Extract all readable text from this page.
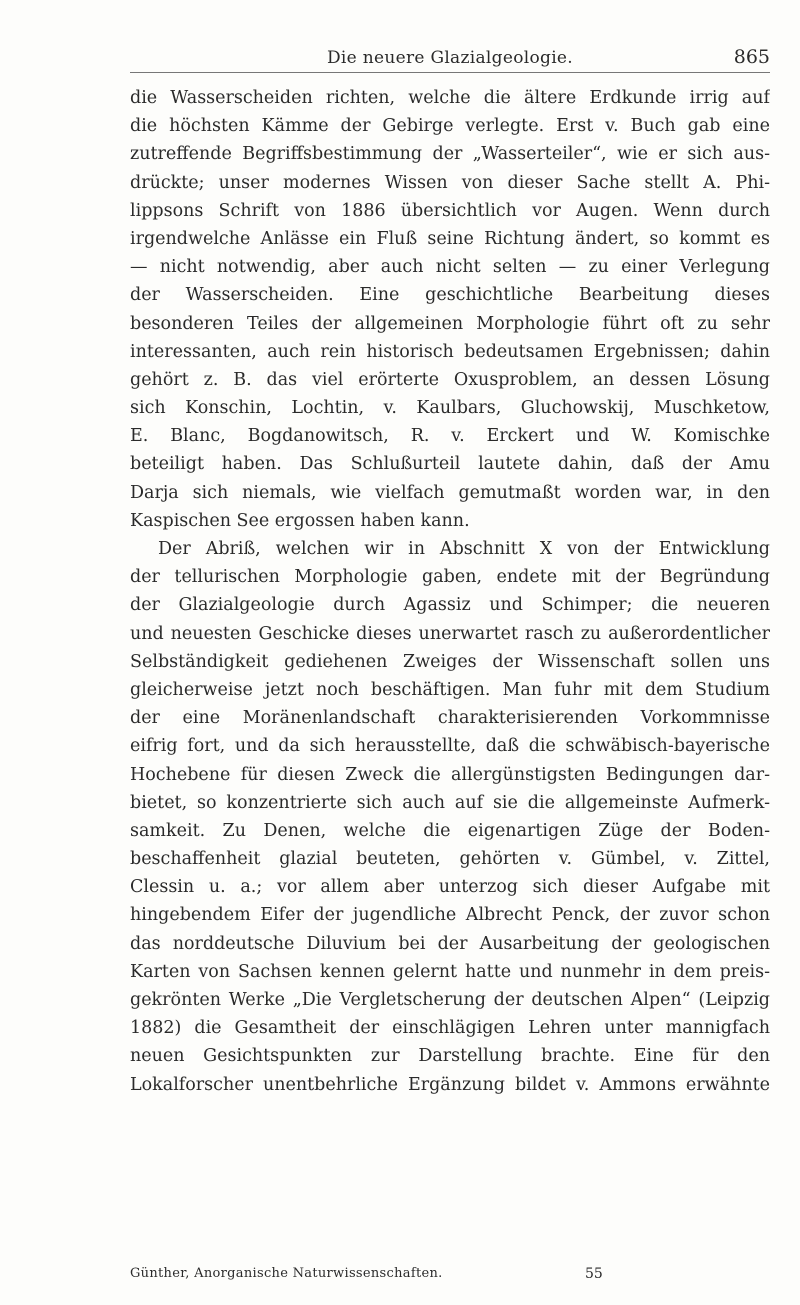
Die neuere Glazialgeologie.	865
die Wasserscheiden richten, welche die ältere Erdkunde irrig auf
die höchsten Kämme der Gebirge verlegte. Erst v. Buch gab eine
zutreffende Begriffsbestimmung der „Wasserteiler“, wie er sich aus-
drückte; unser modernes Wissen von dieser Sache stellt A. Phi-
lippsons Schrift von 1886 übersichtlich vor Augen. Wenn durch
irgendwelche Anlässe ein Fluß seine Richtung ändert, so kommt es
— nicht notwendig, aber auch nicht selten — zu einer Verlegung
der Wasserscheiden. Eine geschichtliche Bearbeitung dieses
besonderen Teiles der allgemeinen Morphologie führt oft zu sehr
interessanten, auch rein historisch bedeutsamen Ergebnissen; dahin
gehört z. B. das viel erörterte Oxusproblem, an dessen Lösung
sich Konschin, Lochtin, v. Kaulbars, Gluchowskij, Muschketow,
E. Blanc, Bogdanowitsch, R. v. Erckert und W. Komischke
beteiligt haben. Das Schlußurteil lautete dahin, daß der Amu
Darja sich niemals, wie vielfach gemutmaßt worden war, in den
Kaspischen See ergossen haben kann.
Der Abriß, welchen wir in Abschnitt X von der Entwicklung
der tellurischen Morphologie gaben, endete mit der Begründung
der Glazialgeologie durch Agassiz und Schimper; die neueren
und neuesten Geschicke dieses unerwartet rasch zu außerordentlicher
Selbständigkeit gediehenen Zweiges der Wissenschaft sollen uns
gleicherweise jetzt noch beschäftigen. Man fuhr mit dem Studium
der eine Moränenlandschaft charakterisierenden Vorkommnisse
eifrig fort, und da sich herausstellte, daß die schwäbisch-bayerische
Hochebene für diesen Zweck die allergünstigsten Bedingungen dar-
bietet, so konzentrierte sich auch auf sie die allgemeinste Aufmerk-
samkeit. Zu Denen, welche die eigenartigen Züge der Boden-
beschaffenheit glazial beuteten, gehörten v. Gümbel, v. Zittel,
Clessin u. a.; vor allem aber unterzog sich dieser Aufgabe mit
hingebendem Eifer der jugendliche Albrecht Penck, der zuvor schon
das norddeutsche Diluvium bei der Ausarbeitung der geologischen
Karten von Sachsen kennen gelernt hatte und nunmehr in dem preis-
gekrönten Werke „Die Vergletscherung der deutschen Alpen“ (Leipzig
1882) die Gesamtheit der einschlägigen Lehren unter mannigfach
neuen Gesichtspunkten zur Darstellung brachte. Eine für den
Lokalforscher unentbehrliche Ergänzung bildet v. Ammons erwähnte
Günther, Anorganische Naturwissenschaften.	55
